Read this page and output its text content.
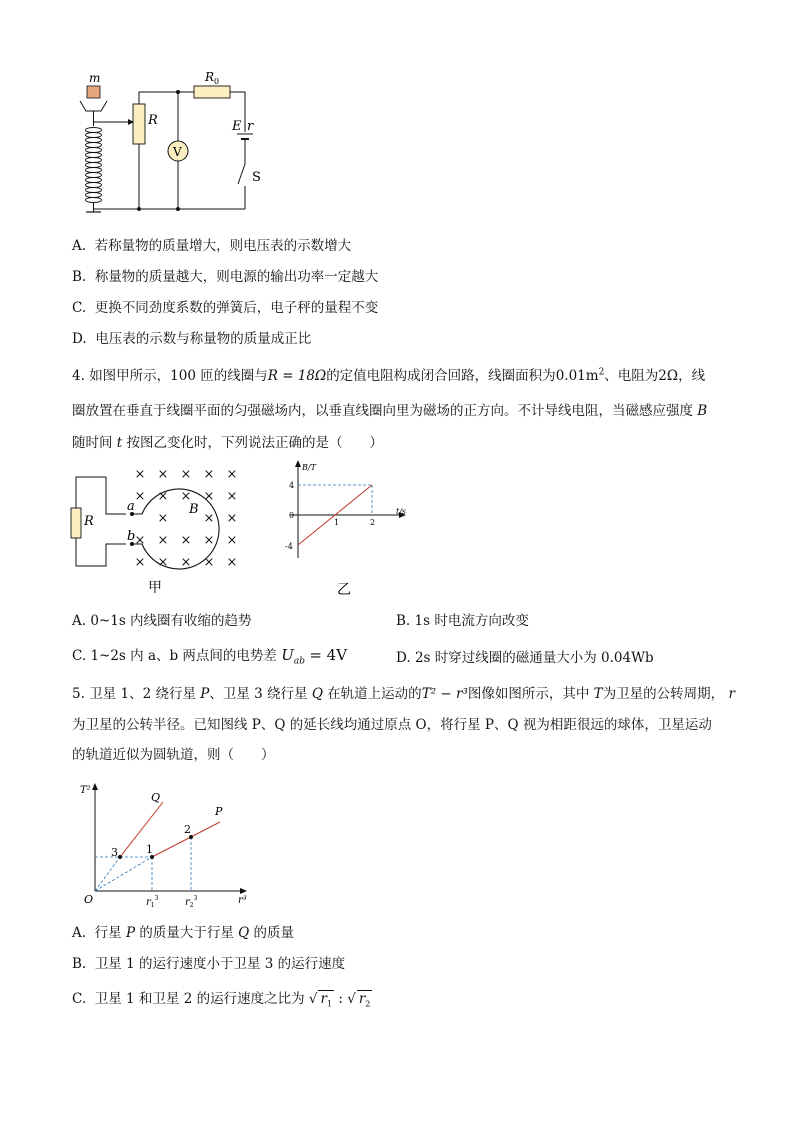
m
R
V
$R_0$
E r
S
A. 若称量物的质量增大，则电压表的示数增大
B. 称量物的质量越大，则电源的输出功率一定越大
C. 更换不同劲度系数的弹簧后，电子秤的量程不变
D. 电压表的示数与称量物的质量成正比
4. 如图甲所示，100 匝的线圈与R = 18Ω的定值电阻构成闭合回路，线圈面积为$0.01m^2$、电阻为2Ω，线
圈放置在垂直于线圈平面的匀强磁场内，以垂直线圈向里为磁场的正方向。不计导线电阻，当磁感应强度 B
随时间 t 按图乙变化时，下列说法正确的是（　　）
R
a
b
× × × × ×
× × × × ×
×	× ×
× × × × ×
× × × × ×
B
甲
B/T
t/s
4
0
-4
1	2
乙
A. 0~1s 内线圈有收缩的趋势	B. 1s 时电流方向改变
C. 1~2s 内 a、b 两点间的电势差 $U_{ab} = 4V$	D. 2s 时穿过线圈的磁通量大小为 0.04Wb
5. 卫星 1、2 绕行星 P、卫星 3 绕行星 Q 在轨道上运动的T² − r³图像如图所示，其中 T为卫星的公转周期， r
为卫星的公转半径。已知图线 P、Q 的延长线均通过原点 O，将行星 P、Q 视为相距很远的球体，卫星运动
的轨道近似为圆轨道，则（　　）
T²
r³
O
Q
P
3	1
2
$r_1^3$	$r_2^3$
A. 行星 P 的质量大于行星 Q 的质量
B. 卫星 1 的运行速度小于卫星 3 的运行速度
C. 卫星 1 和卫星 2 的运行速度之比为 √ $r_1$ : √ $r_2$
